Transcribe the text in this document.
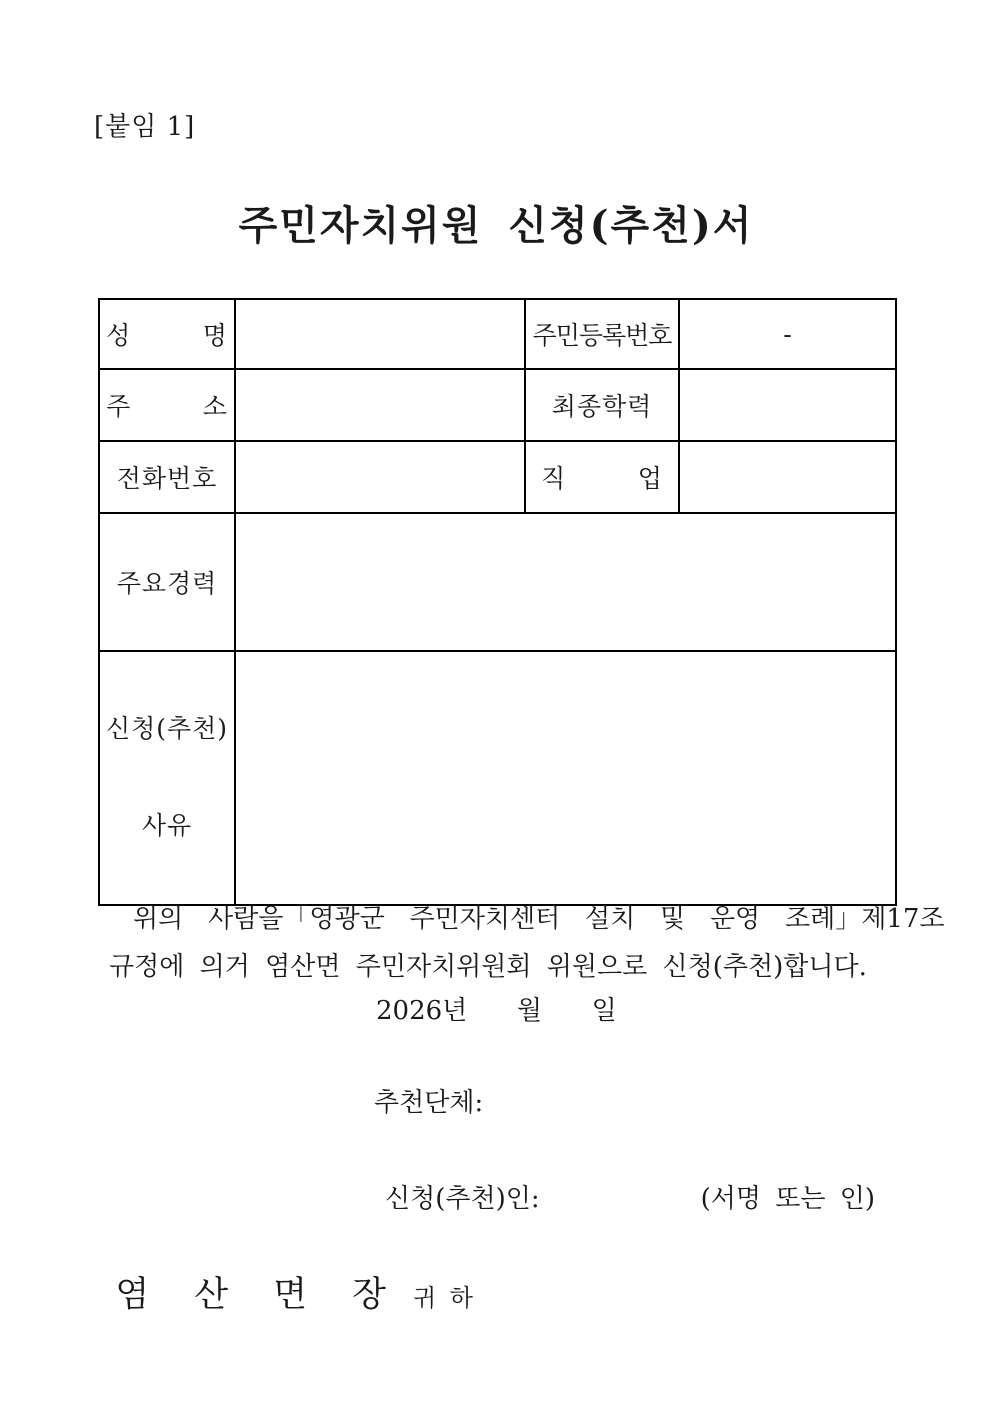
[붙임 1]
주민자치위원 신청(추천)서
성        명		주민등록번호	-
주        소		최종학력	
전화번호		직        업	
주요경력			

신청(추천)

사유			

위의   사람을「영광군   주민자치센터   설치   및   운영   조례」제17조
규정에 의거 염산면 주민자치위원회 위원으로 신청(추천)합니다.
2026년      월      일
추천단체:
신청(추천)인:	(서명 또는 인)

염 산 면 장 귀 하
